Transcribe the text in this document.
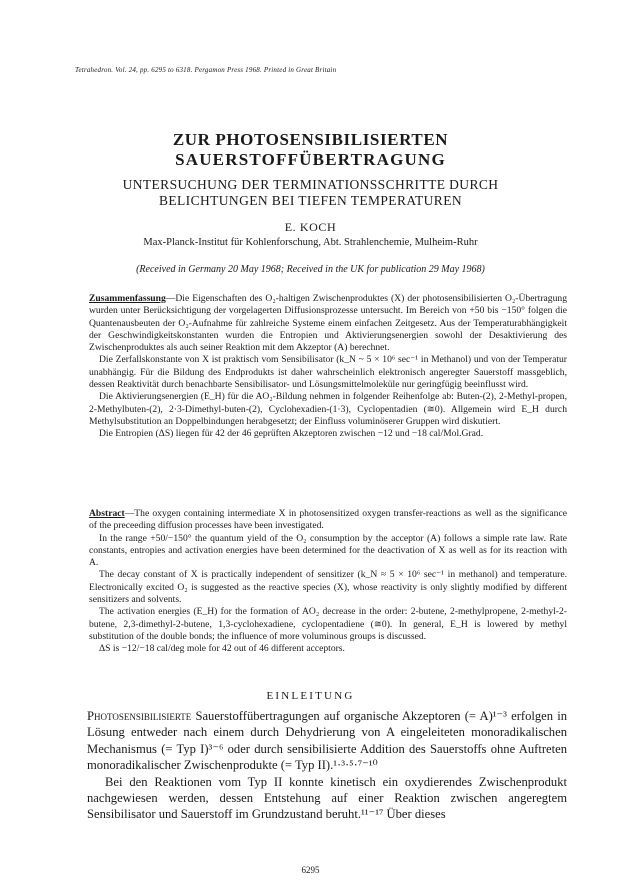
Tetrahedron. Vol. 24, pp. 6295 to 6318. Pergamon Press 1968. Printed in Great Britain
ZUR PHOTOSENSIBILISIERTEN
SAUERSTOFFÜBERTRAGUNG
UNTERSUCHUNG DER TERMINATIONSSCHRITTE DURCH
BELICHTUNGEN BEI TIEFEN TEMPERATUREN
E. KOCH
Max-Planck-Institut für Kohlenforschung, Abt. Strahlenchemie, Mulheim-Ruhr
(Received in Germany 20 May 1968; Received in the UK for publication 29 May 1968)

Zusammenfassung—Die Eigenschaften des O₂-haltigen Zwischenproduktes (X) der photosensibilisierten O₂-Übertragung wurden unter Berücksichtigung der vorgelagerten Diffusionsprozesse untersucht. Im Bereich von +50 bis −150° folgen die Quantenausbeuten der O₂-Aufnahme für zahlreiche Systeme einem einfachen Zeitgesetz. Aus der Temperaturabhängigkeit der Geschwindigkeitskonstanten wurden die Entropien und Aktivierungsenergien sowohl der Desaktivierung des Zwischenproduktes als auch seiner Reaktion mit dem Akzeptor (A) berechnet.

Die Zerfallskonstante von X ist praktisch vom Sensibilisator (k_N ~ 5 × 10⁶ sec⁻¹ in Methanol) und von der Temperatur unabhängig. Für die Bildung des Endprodukts ist daher wahrscheinlich elektronisch angeregter Sauerstoff massgeblich, dessen Reaktivität durch benachbarte Sensibilisator- und Lösungsmittelmoleküle nur geringfügig beeinflusst wird.

Die Aktivierungsenergien (E_H) für die AO₂-Bildung nehmen in folgender Reihenfolge ab: Buten-(2), 2-Methyl-propen, 2-Methylbuten-(2), 2·3-Dimethyl-buten-(2), Cyclohexadien-(1·3), Cyclopentadien (≅0). Allgemein wird E_H durch Methylsubstitution an Doppelbindungen herabgesetzt; der Einfluss voluminöserer Gruppen wird diskutiert.

Die Entropien (ΔS) liegen für 42 der 46 geprüften Akzeptoren zwischen −12 und −18 cal/Mol.Grad.

Abstract—The oxygen containing intermediate X in photosensitized oxygen transfer-reactions as well as the significance of the preceeding diffusion processes have been investigated.

In the range +50/−150° the quantum yield of the O₂ consumption by the acceptor (A) follows a simple rate law. Rate constants, entropies and activation energies have been determined for the deactivation of X as well as for its reaction with A.

The decay constant of X is practically independent of sensitizer (k_N ≈ 5 × 10⁶ sec⁻¹ in methanol) and temperature. Electronically excited O₂ is suggested as the reactive species (X), whose reactivity is only slightly modified by different sensitizers and solvents.

The activation energies (E_H) for the formation of AO₂ decrease in the order: 2-butene, 2-methylpropene, 2-methyl-2-butene, 2,3-dimethyl-2-butene, 1,3-cyclohexadiene, cyclopentadiene (≅0). In general, E_H is lowered by methyl substitution of the double bonds; the influence of more voluminous groups is discussed.

ΔS is −12/−18 cal/deg mole for 42 out of 46 different acceptors.

EINLEITUNG

Photosensibilisierte Sauerstoffübertragungen auf organische Akzeptoren (= A)¹⁻³ erfolgen in Lösung entweder nach einem durch Dehydrierung von A eingeleiteten monoradikalischen Mechanismus (= Typ I)³⁻⁶ oder durch sensibilisierte Addition des Sauerstoffs ohne Auftreten monoradikalischer Zwischenprodukte (= Typ II).¹·³·⁵·⁷⁻¹⁰

Bei den Reaktionen vom Typ II konnte kinetisch ein oxydierendes Zwischenprodukt nachgewiesen werden, dessen Entstehung auf einer Reaktion zwischen angeregtem Sensibilisator und Sauerstoff im Grundzustand beruht.¹¹⁻¹⁷ Über dieses

6295
